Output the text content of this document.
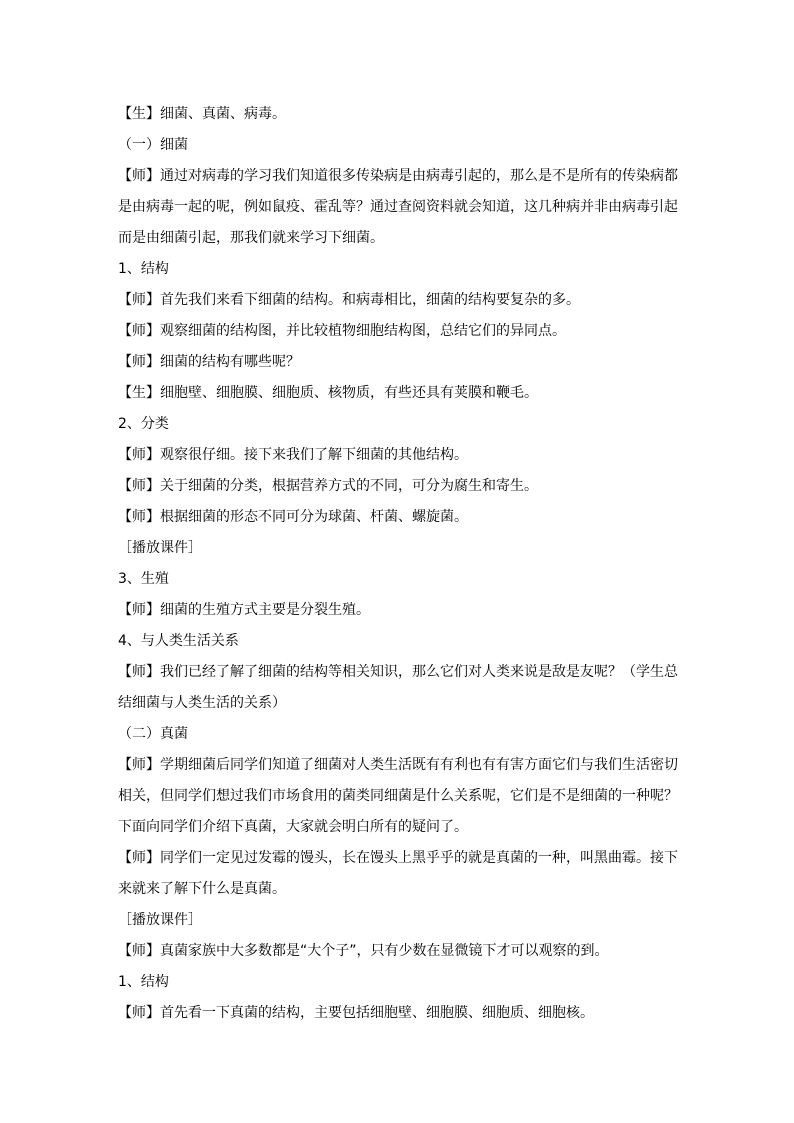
【生】细菌、真菌、病毒。

（一）细菌

【师】通过对病毒的学习我们知道很多传染病是由病毒引起的，那么是不是所有的传染病都是由病毒一起的呢，例如鼠疫、霍乱等？通过查阅资料就会知道，这几种病并非由病毒引起而是由细菌引起，那我们就来学习下细菌。

1、结构

【师】首先我们来看下细菌的结构。和病毒相比，细菌的结构要复杂的多。

【师】观察细菌的结构图，并比较植物细胞结构图，总结它们的异同点。

【师】细菌的结构有哪些呢？

【生】细胞壁、细胞膜、细胞质、核物质，有些还具有荚膜和鞭毛。

2、分类

【师】观察很仔细。接下来我们了解下细菌的其他结构。

【师】关于细菌的分类，根据营养方式的不同，可分为腐生和寄生。

【师】根据细菌的形态不同可分为球菌、杆菌、螺旋菌。

［播放课件］

3、生殖

【师】细菌的生殖方式主要是分裂生殖。

4、与人类生活关系

【师】我们已经了解了细菌的结构等相关知识，那么它们对人类来说是敌是友呢？（学生总结细菌与人类生活的关系）

（二）真菌

【师】学期细菌后同学们知道了细菌对人类生活既有有利也有有害方面它们与我们生活密切相关，但同学们想过我们市场食用的菌类同细菌是什么关系呢，它们是不是细菌的一种呢？下面向同学们介绍下真菌，大家就会明白所有的疑问了。

【师】同学们一定见过发霉的馒头，长在馒头上黑乎乎的就是真菌的一种，叫黑曲霉。接下来就来了解下什么是真菌。

［播放课件］

【师】真菌家族中大多数都是“大个子”，只有少数在显微镜下才可以观察的到。

1、结构

【师】首先看一下真菌的结构，主要包括细胞壁、细胞膜、细胞质、细胞核。
